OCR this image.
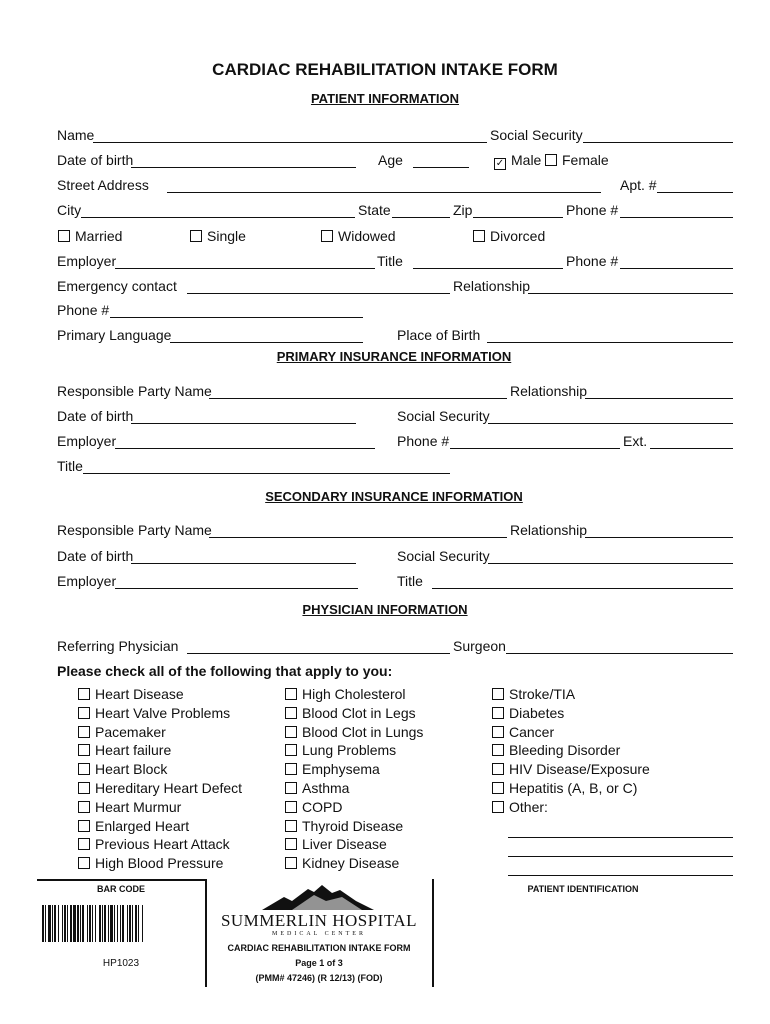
CARDIAC REHABILITATION INTAKE FORM
PATIENT INFORMATION
Name	Social Security
Date of birth	Age	✓ Male	Female
Street Address	Apt. #
City	State	Zip	Phone #
Married	Single	Widowed	Divorced
Employer	Title	Phone #
Emergency contact	Relationship
Phone #
Primary Language	Place of Birth
PRIMARY INSURANCE INFORMATION
Responsible Party Name	Relationship
Date of birth	Social Security
Employer	Phone #	Ext.
Title
SECONDARY INSURANCE INFORMATION
Responsible Party Name	Relationship
Date of birth	Social Security
Employer	Title
PHYSICIAN INFORMATION
Referring Physician	Surgeon
Please check all of the following that apply to you:
Heart Disease
Heart Valve Problems
Pacemaker
Heart failure
Heart Block
Hereditary Heart Defect
Heart Murmur
Enlarged Heart
Previous Heart Attack
High Blood Pressure
High Cholesterol
Blood Clot in Legs
Blood Clot in Lungs
Lung Problems
Emphysema
Asthma
COPD
Thyroid Disease
Liver Disease
Kidney Disease
Stroke/TIA
Diabetes
Cancer
Bleeding Disorder
HIV Disease/Exposure
Hepatitis (A, B, or C)
Other:
BAR CODE
HP1023
SUMMERLIN HOSPITAL
MEDICAL CENTER
CARDIAC REHABILITATION INTAKE FORM
Page 1 of 3
(PMM# 47246) (R 12/13) (FOD)
PATIENT IDENTIFICATION
